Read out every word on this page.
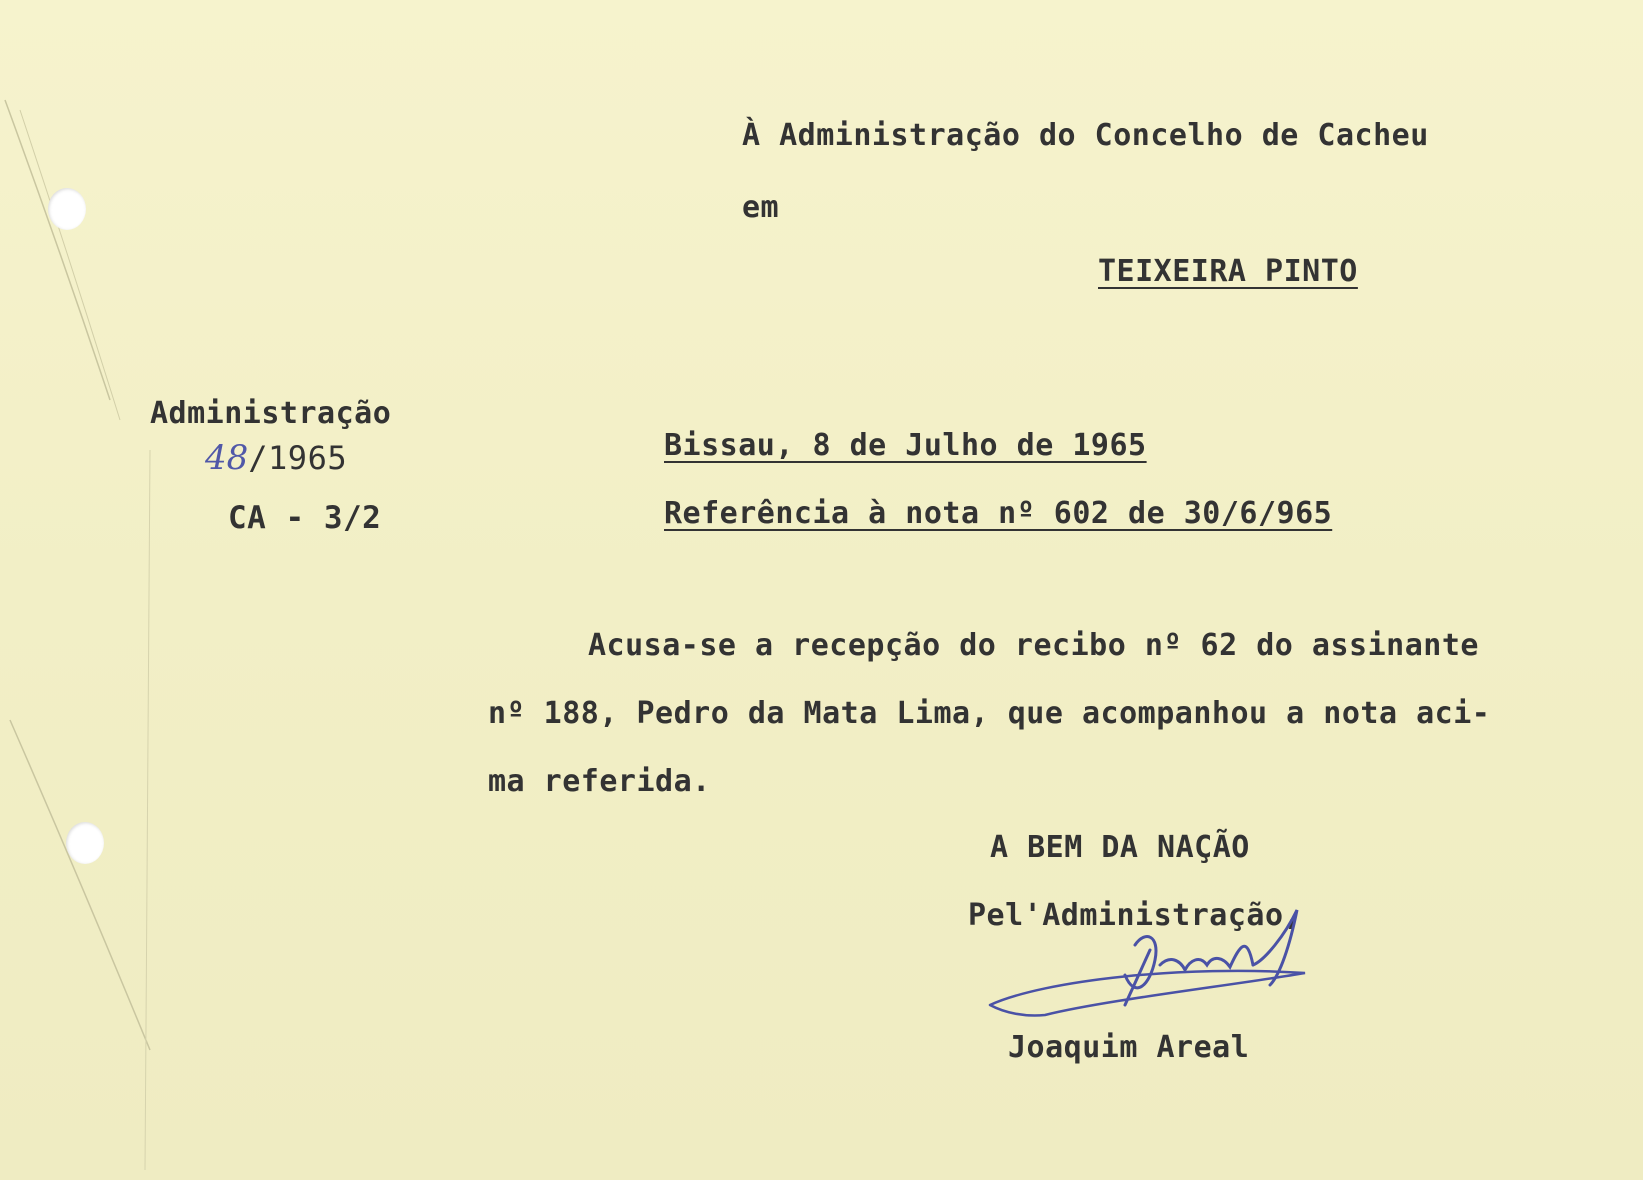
À Administração do Concelho de Cacheu
em
TEIXEIRA PINTO
Administração
48/1965
CA - 3/2
Bissau, 8 de Julho de 1965
Referência à nota nº 602 de 30/6/965
Acusa-se a recepção do recibo nº 62 do assinante
nº 188, Pedro da Mata Lima, que acompanhou a nota aci-
ma referida.
A BEM DA NAÇÃO
Pel'Administração,
Joaquim Areal
